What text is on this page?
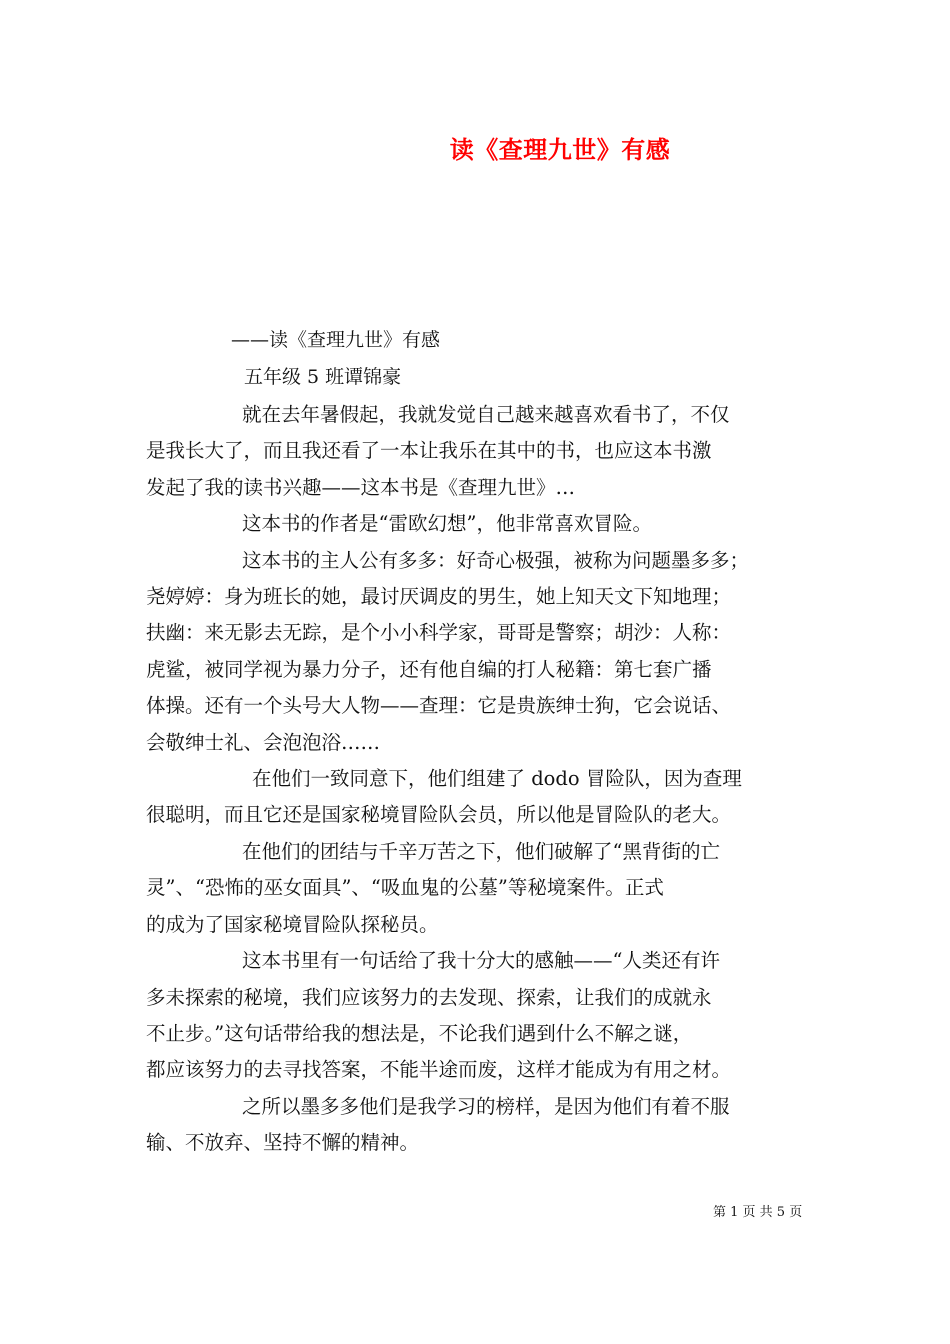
读《查理九世》有感
——读《查理九世》有感
五年级 5 班谭锦豪

就在去年暑假起，我就发觉自己越来越喜欢看书了，不仅
是我长大了，而且我还看了一本让我乐在其中的书，也应这本书激
发起了我的读书兴趣——这本书是《查理九世》…

这本书的作者是“雷欧幻想”，他非常喜欢冒险。

这本书的主人公有多多：好奇心极强，被称为问题墨多多；
尧婷婷：身为班长的她，最讨厌调皮的男生，她上知天文下知地理；
扶幽：来无影去无踪，是个小小科学家，哥哥是警察；胡沙：人称：
虎鲨，被同学视为暴力分子，还有他自编的打人秘籍：第七套广播
体操。还有一个头号大人物——查理：它是贵族绅士狗，它会说话、
会敬绅士礼、会泡泡浴……

在他们一致同意下，他们组建了 dodo 冒险队，因为查理
很聪明，而且它还是国家秘境冒险队会员，所以他是冒险队的老大。

在他们的团结与千辛万苦之下，他们破解了“黑背街的亡
灵”、“恐怖的巫女面具”、“吸血鬼的公墓”等秘境案件。正式
的成为了国家秘境冒险队探秘员。

这本书里有一句话给了我十分大的感触——“人类还有许
多未探索的秘境，我们应该努力的去发现、探索，让我们的成就永
不止步。”这句话带给我的想法是，不论我们遇到什么不解之谜，
都应该努力的去寻找答案，不能半途而废，这样才能成为有用之材。

之所以墨多多他们是我学习的榜样，是因为他们有着不服
输、不放弃、坚持不懈的精神。

第 1 页 共 5 页
